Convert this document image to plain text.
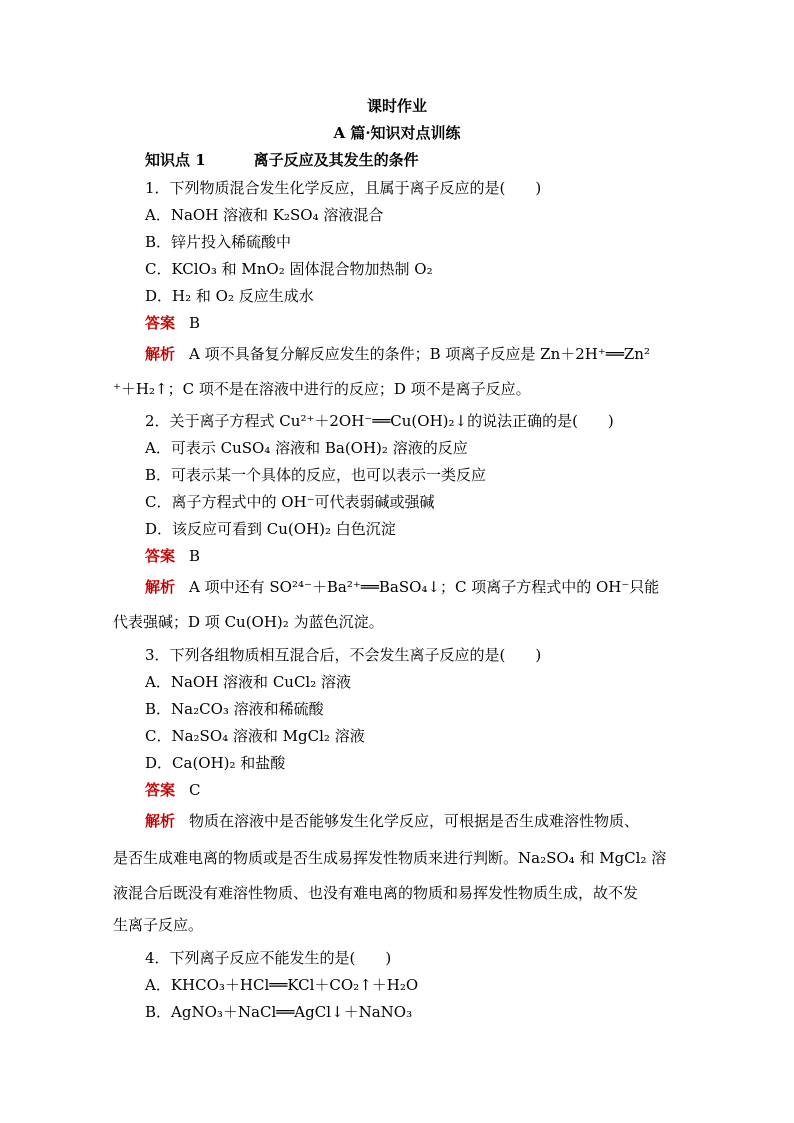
课时作业
A 篇·知识对点训练
知识点 1	离子反应及其发生的条件
1．下列物质混合发生化学反应，且属于离子反应的是(　　)
A．NaOH 溶液和 K₂SO₄ 溶液混合
B．锌片投入稀硫酸中
C．KClO₃ 和 MnO₂ 固体混合物加热制 O₂
D．H₂ 和 O₂ 反应生成水
答案 B
解析 A 项不具备复分解反应发生的条件；B 项离子反应是 Zn＋2H⁺══Zn²
⁺＋H₂↑；C 项不是在溶液中进行的反应；D 项不是离子反应。
2．关于离子方程式 Cu²⁺＋2OH⁻══Cu(OH)₂↓的说法正确的是(　　)
A．可表示 CuSO₄ 溶液和 Ba(OH)₂ 溶液的反应
B．可表示某一个具体的反应，也可以表示一类反应
C．离子方程式中的 OH⁻可代表弱碱或强碱
D．该反应可看到 Cu(OH)₂ 白色沉淀
答案 B
解析 A 项中还有 SO²⁴⁻＋Ba²⁺══BaSO₄↓；C 项离子方程式中的 OH⁻只能
代表强碱；D 项 Cu(OH)₂ 为蓝色沉淀。
3．下列各组物质相互混合后，不会发生离子反应的是(　　)
A．NaOH 溶液和 CuCl₂ 溶液
B．Na₂CO₃ 溶液和稀硫酸
C．Na₂SO₄ 溶液和 MgCl₂ 溶液
D．Ca(OH)₂ 和盐酸
答案 C
解析 物质在溶液中是否能够发生化学反应，可根据是否生成难溶性物质、
是否生成难电离的物质或是否生成易挥发性物质来进行判断。Na₂SO₄ 和 MgCl₂ 溶
液混合后既没有难溶性物质、也没有难电离的物质和易挥发性物质生成，故不发
生离子反应。
4．下列离子反应不能发生的是(　　)
A．KHCO₃＋HCl══KCl＋CO₂↑＋H₂O
B．AgNO₃＋NaCl══AgCl↓＋NaNO₃
